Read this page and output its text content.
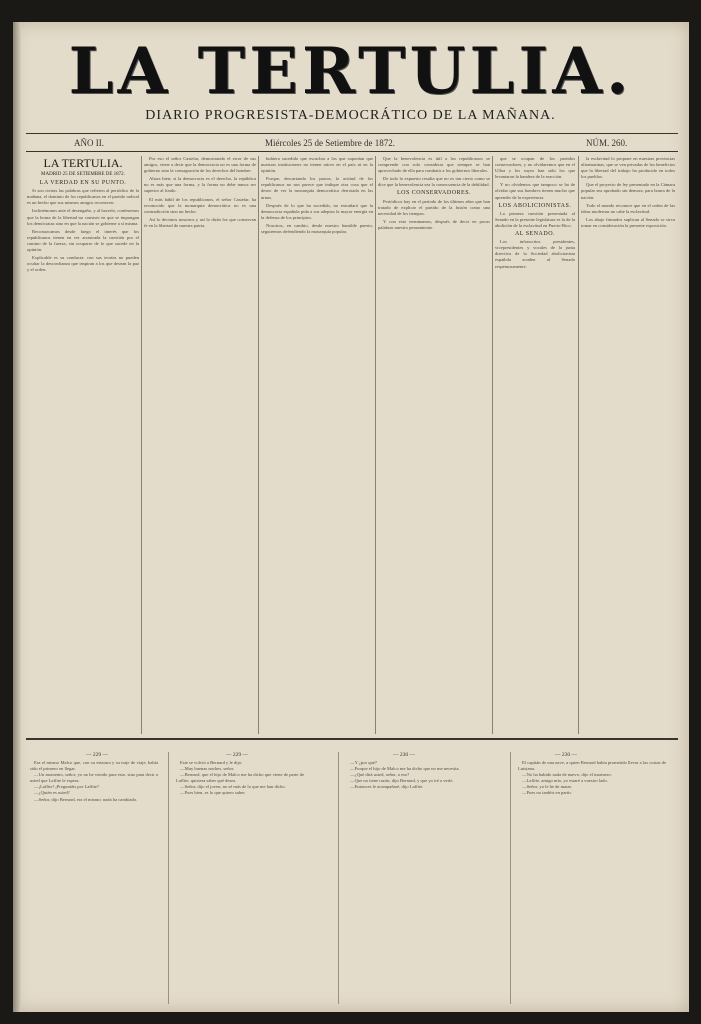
LA TERTULIA.
DIARIO PROGRESISTA-DEMOCRÁTICO DE LA MAÑANA.
AÑO II.	Miércoles 25 de Setiembre de 1872.	NÚM. 260.

LA TERTULIA.

MADRID 25 DE SETIEMBRE DE 1872.

LA VERDAD EN SU PUNTO.

Si son ciertas las palabras que refieren al periódico de la mañana, el dominio de los republicanos en el partido radical es un hecho que sus mismos amigos reconocen.

Inclinémonos ante el desengaño, y al hacerlo, confesemos que la honra de la libertad no consiste en que se impongan los demócratas sino en que la nación se gobierne a sí misma.

Reconozcamos desde luego el interés que los republicanos tienen en ver arrastrada la cuestión por el camino de la fuerza, sin ocuparse de lo que sucede en la opinión.

Explicable es su conducta: con sus teorías no pueden ocultar la desconfianza que inspiran a los que desean la paz y el orden.

Por eso el señor Castelar, demostrando el error de sus amigos, viene a decir que la democracia no es una forma de gobierno sino la consagración de los derechos del hombre.

Ahora bien; si la democracia es el derecho, la república no es más que una forma, y la forma no debe nunca ser superior al fondo.

El más hábil de los republicanos, el señor Castelar, ha reconocido que la monarquía democrática no es una contradicción sino un hecho.

Así lo decimos nosotros y así lo dirán los que conservan fe en la libertad de nuestra patria.

hubiera sucedido que escuchar a los que suponían que nuestras instituciones no tienen raíces en el país ni en la opinión.

Porque, descartando los pastos, la actitud de los republicanos no nos parece que indique otra cosa que el deseo de ver la monarquía democrática derrotada en las urnas.

Después de lo que ha sucedido, no extrañará que la democracia española pida a sus adeptos la mayor energía en la defensa de los principios.

Nosotros, en cambio, desde nuestro humilde puesto, seguiremos defendiendo la monarquía popular.

Que la benevolencia es útil a los republicanos se comprende con solo considerar que siempre se han aprovechado de ella para combatir a los gobiernos liberales.

De todo lo expuesto resulta que no es tan cierto como se dice que la benevolencia sea la consecuencia de la debilidad.

LOS CONSERVADORES.

Periódicos hay en el período de los últimos años que han tratado de explicar el partido de la fusión como una necesidad de los tiempos.

Y con esto terminamos, después de decir en pocas palabras nuestro pensamiento.

que se ocupan de los partidos conservadores, y no olvidaremos que en el Ulloa y los suyos han sido los que levantaron la bandera de la reacción.

Y no olvidemos que tampoco se ha de olvidar que sus hombres tienen mucho que aprender de la experiencia.

LOS ABOLICIONISTAS.

La primera cuestión presentada al Senado en la presente legislatura es la de la abolición de la esclavitud en Puerto-Rico.

AL SENADO.

Los infrascritos presidentes, vicepresidentes y vocales de la junta directiva de la Sociedad abolicionista española acuden al Senado respetuosamente.

la esclavitud lo propone en nuestras provincias ultramarinas, que se ven privadas de los beneficios que la libertad del trabajo ha producido en todos los pueblos.

Que el proyecto de ley presentado en la Cámara popular sea aprobado sin demora, para honra de la nación.

Todo el mundo reconoce que en el orden de las ideas modernas no cabe la esclavitud.

Los abajo firmados suplican al Senado se sirva tomar en consideración la presente exposición.

— 229 —	— 229 —	— 230 —	— 230 —

Era el mismo Malco que, con su estatura y su traje de viaje, había sido el primero en llegar.

—Un momento, señor; yo no he venido para esto, sino para decir a usted que Laffite le espera.

—¡Laffite! ¡Preguntáis por Laffite?

—¿Quién es usted?

—Señor, dijo Bernard, era el mismo; nada ha cambiado.

Este se volvió a Bernard y le dijo:

—Muy buenas noches, señor.

—Bernard, que el hijo de Malco me ha dicho que viene de parte de Laffite, quisiera saber qué desea.

—Señor, dijo el joven, no sé más de lo que me han dicho.

—Pues bien, es lo que quiero saber.

—Y ¿por qué?

—Porque el hijo de Malco me ha dicho que no me necesita.

—¿Qué dirá usted, señor, a eso?

—Que no tiene razón, dijo Bernard, y que yo iré a verle.

—Entonces le acompañaré, dijo Laffite.

El capitán de una nave, a quien Bernard había prometido llevar a las costas de Luisiana.

—No ha habido nada de nuevo, dijo el marinero.

—Laffite, amigo mío, yo estaré a vuestro lado.

—Señor, yo le he de matar.

—Pues no tardéis en partir.
